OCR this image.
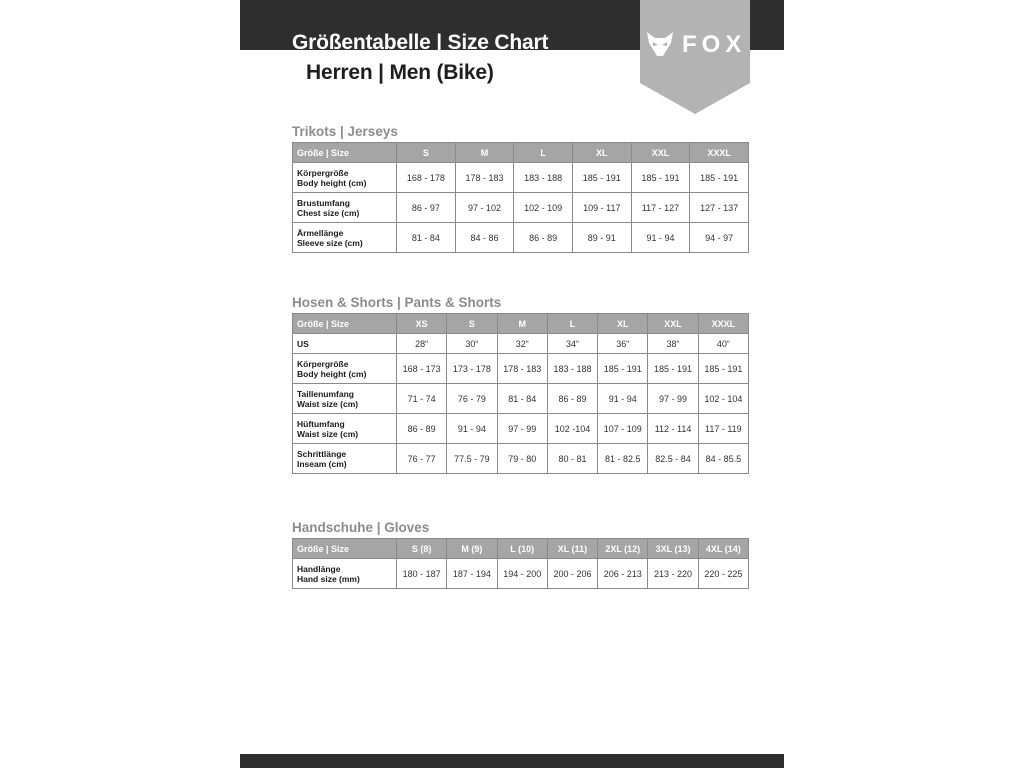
Größentabelle | Size Chart
Herren | Men (Bike)
FOX
Trikots | Jerseys
Größe | Size	S	M	L	XL	XXL	XXXL

Körpergröße
Body height (cm)	168 - 178	178 - 183	183 - 188	185 - 191	185 - 191	185 - 191

Brustumfang
Chest size (cm)	86 - 97	97 - 102	102 - 109	109 - 117	117 - 127	127 - 137

Ärmellänge
Sleeve size (cm)	81 - 84	84 - 86	86 - 89	89 - 91	91 - 94	94 - 97
Hosen & Shorts | Pants & Shorts
Größe | Size	XS	S	M	L	XL	XXL	XXXL
US	28“	30“	32“	34“	36“	38“	40“

Körpergröße
Body height (cm)	168 - 173	173 - 178	178 - 183	183 - 188	185 - 191	185 - 191	185 - 191

Taillenumfang
Waist size (cm)	71 - 74	76 - 79	81 - 84	86 - 89	91 - 94	97 - 99	102 - 104

Hüftumfang
Waist size (cm)	86 - 89	91 - 94	97 - 99	102 -104	107 - 109	112 - 114	117 - 119

Schrittlänge
Inseam (cm)	76 - 77	77.5 - 79	79 - 80	80 - 81	81 - 82.5	82.5 - 84	84 - 85.5
Handschuhe | Gloves
Größe | Size	S (8)	M (9)	L (10)	XL (11)	2XL (12)	3XL (13)	4XL (14)

Handlänge
Hand size (mm)	180 - 187	187 - 194	194 - 200	200 - 206	206 - 213	213 - 220	220 - 225
